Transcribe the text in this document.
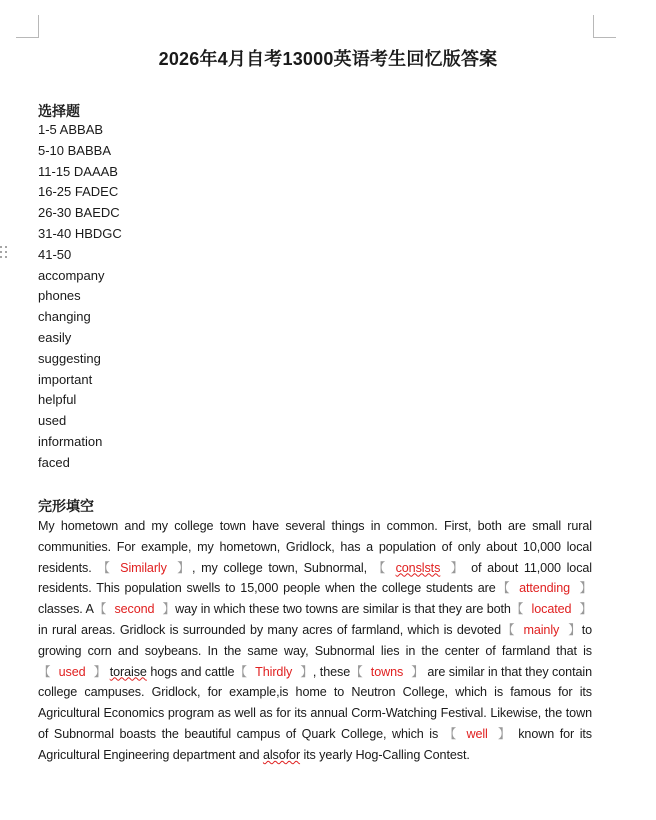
2026年4月自考13000英语考生回忆版答案
选择题
1-5 ABBAB
5-10 BABBA
11-15 DAAAB
16-25 FADEC
26-30 BAEDC
31-40 HBDGC
41-50
accompany
phones
changing
easily
suggesting
important
helpful
used
information
faced
完形填空

My hometown and my college town have several things in common. First, both are small rural communities. For example, my hometown, Gridlock, has a population of only about 10,000 local residents. 【 Similarly 】, my college town, Subnormal, 【 conslsts 】 of about 11,000 local residents. This population swells to 15,000 people when the college students are【 attending 】 classes. A【 second 】way in which these two towns are similar is that they are both【 located 】 in rural areas. Gridlock is surrounded by many acres of farmland, which is devoted【 mainly 】to growing corn and soybeans. In the same way, Subnormal lies in the center of farmland that is 【 used 】 toraise hogs and cattle【 Thirdly 】, these【 towns 】 are similar in that they contain college campuses. Gridlock, for example,is home to Neutron College, which is famous for its Agricultural Economics program as well as for its annual Corm-Watching Festival. Likewise, the town of Subnormal boasts the beautiful campus of Quark College, which is 【 well 】 known for its Agricultural Engineering department and alsofor its yearly Hog-Calling Contest.
